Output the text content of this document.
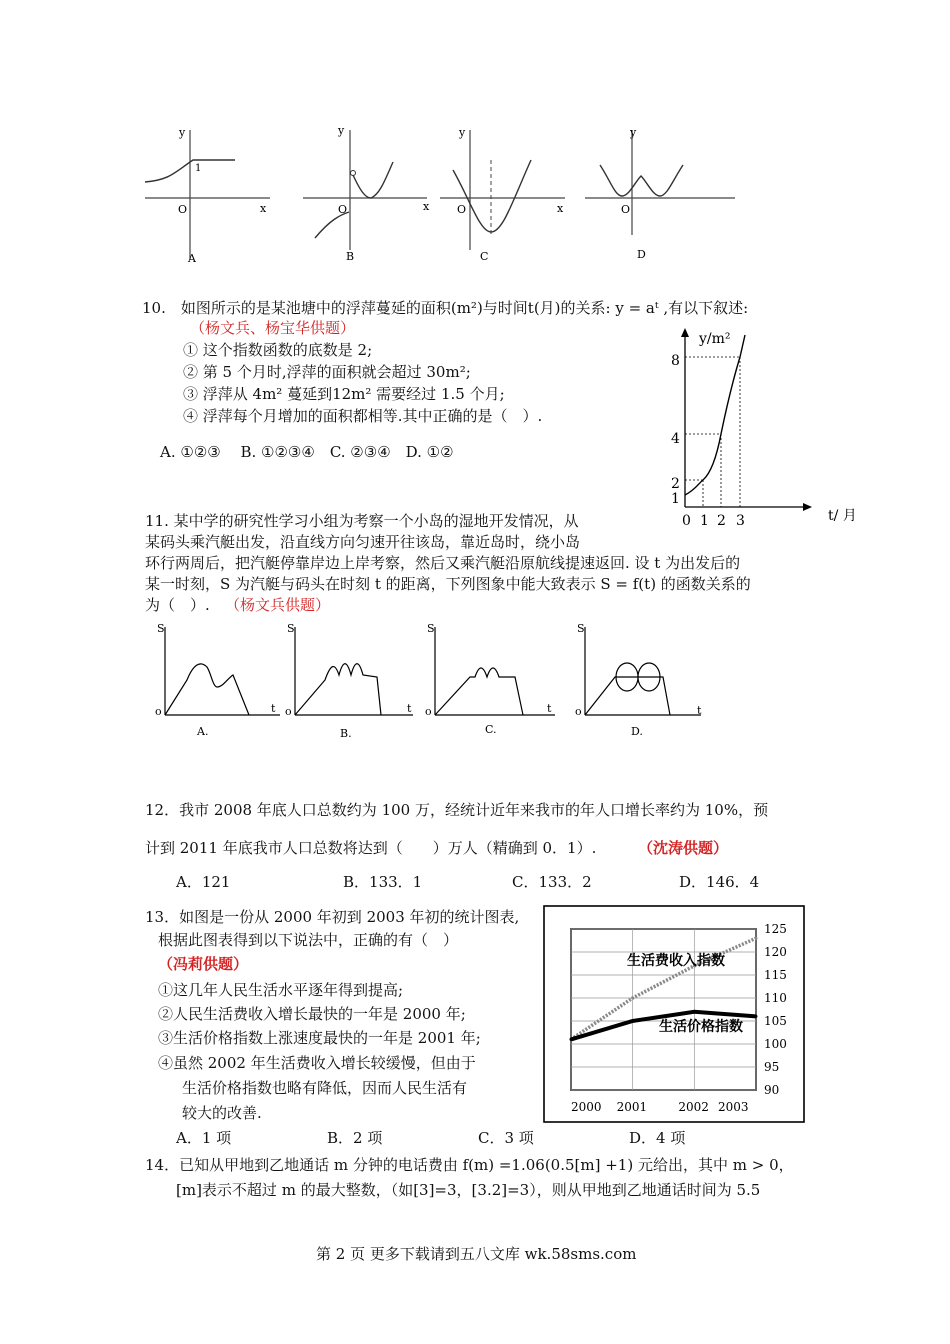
x
y
O
1
A
x
y
O
B
x
y
O
C
y
O
D
10.　如图所示的是某池塘中的浮萍蔓延的面积(m²)与时间t(月)的关系: y = aᵗ ,有以下叙述:
（杨文兵、杨宝华供题）
① 这个指数函数的底数是 2;
② 第 5 个月时,浮萍的面积就会超过 30m²;
③ 浮萍从 4m² 蔓延到12m² 需要经过 1.5 个月;
④ 浮萍每个月增加的面积都相等.其中正确的是（　）.
A. ①②③　 B. ①②③④　C. ②③④　D. ①②
y/m²
t/ 月
1
2
4
8
0 1 2 3
11. 某中学的研究性学习小组为考察一个小岛的湿地开发情况，从
某码头乘汽艇出发，沿直线方向匀速开往该岛，靠近岛时，绕小岛
环行两周后，把汽艇停靠岸边上岸考察，然后又乘汽艇沿原航线提速返回. 设 t 为出发后的
某一时刻，S 为汽艇与码头在时刻 t 的距离，下列图象中能大致表示 S = f(t) 的函数关系的
为（　）. （杨文兵供题）
S	S	S	S
t	t	t	t
o	o	o	o
A.	B.	C.	D.
12．我市 2008 年底人口总数约为 100 万，经统计近年来我市的年人口增长率约为 10%，预
计到 2011 年底我市人口总数将达到（　　）万人（精确到 0．1）.	（沈涛供题）
A．121	B．133．1	C．133．2	D．146．4
13．如图是一份从 2000 年初到 2003 年初的统计图表,
根据此图表得到以下说法中，正确的有（　）
（冯莉供题）
①这几年人民生活水平逐年得到提高;
②人民生活费收入增长最快的一年是 2000 年;
③生活价格指数上涨速度最快的一年是 2001 年;
④虽然 2002 年生活费收入增长较缓慢，但由于
生活价格指数也略有降低，因而人民生活有
较大的改善.
A．1 项	B．2 项	C．3 项	D．4 项
125
120
115
110
105
100
95
90
2000 2001	2002 2003
生活费收入指数
生活价格指数
14．已知从甲地到乙地通话 m 分钟的电话费由 f(m) =1.06(0.5[m] +1) 元给出，其中 m > 0，
[m]表示不超过 m 的最大整数，（如[3]=3，[3.2]=3），则从甲地到乙地通话时间为 5.5
第 2 页 更多下载请到五八文库 wk.58sms.com
